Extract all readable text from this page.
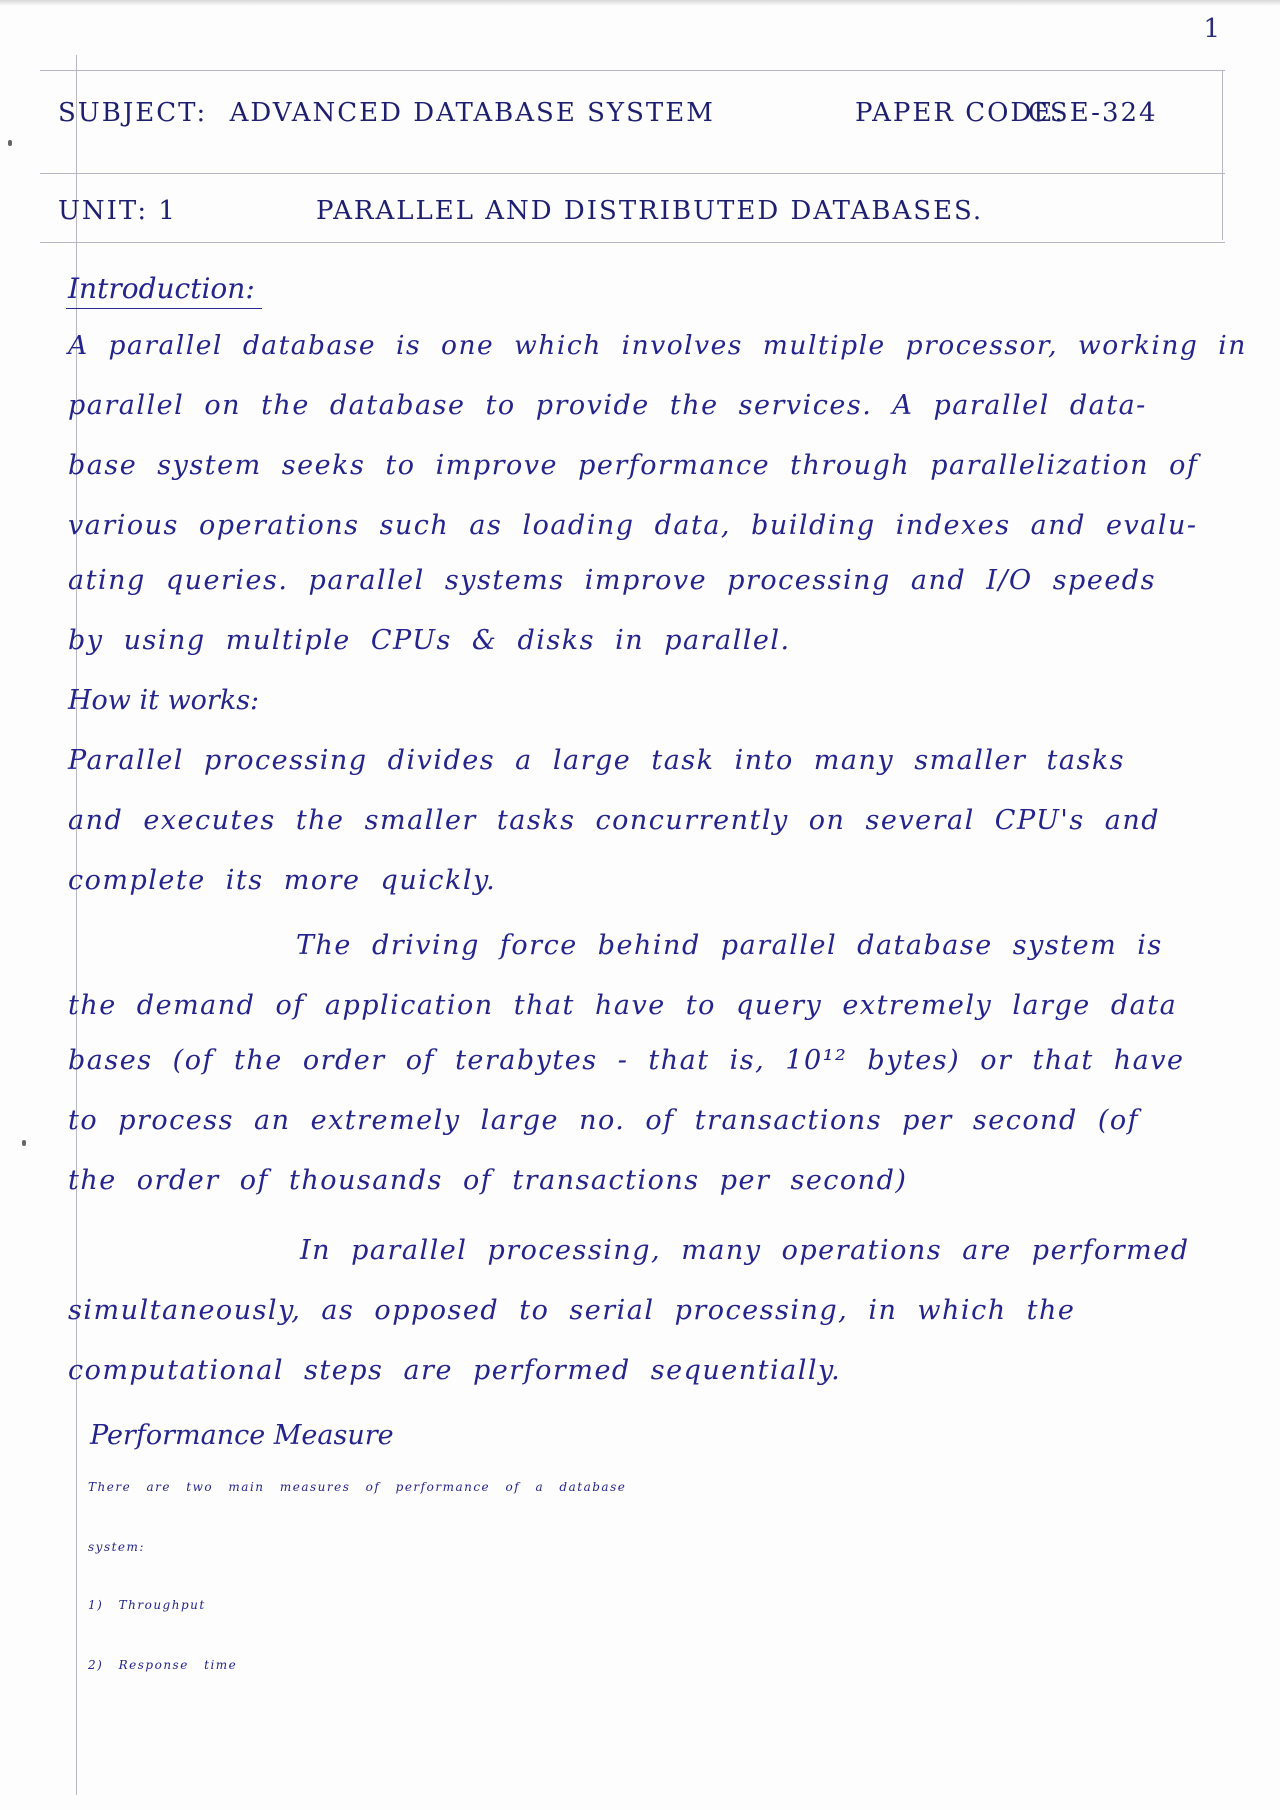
1
SUBJECT: ADVANCED DATABASE SYSTEM	PAPER CODE:
CSE-324
UNIT: 1	PARALLEL AND DISTRIBUTED DATABASES.
Introduction:
A parallel database is one which involves multiple processor, working in
parallel on the database to provide the services. A parallel data-
base system seeks to improve performance through parallelization of
various operations such as loading data, building indexes and evalu-
ating queries. parallel systems improve processing and I/O speeds
by using multiple CPUs & disks in parallel.
How it works:
Parallel processing divides a large task into many smaller tasks
and executes the smaller tasks concurrently on several CPU's and
complete its more quickly.
The driving force behind parallel database system is
the demand of application that have to query extremely large data
bases (of the order of terabytes - that is, 10¹² bytes) or that have
to process an extremely large no. of transactions per second (of
the order of thousands of transactions per second)
In parallel processing, many operations are performed
simultaneously, as opposed to serial processing, in which the
computational steps are performed sequentially.
Performance Measure
There are two main measures of performance of a database
system:
1) Throughput
2) Response time
